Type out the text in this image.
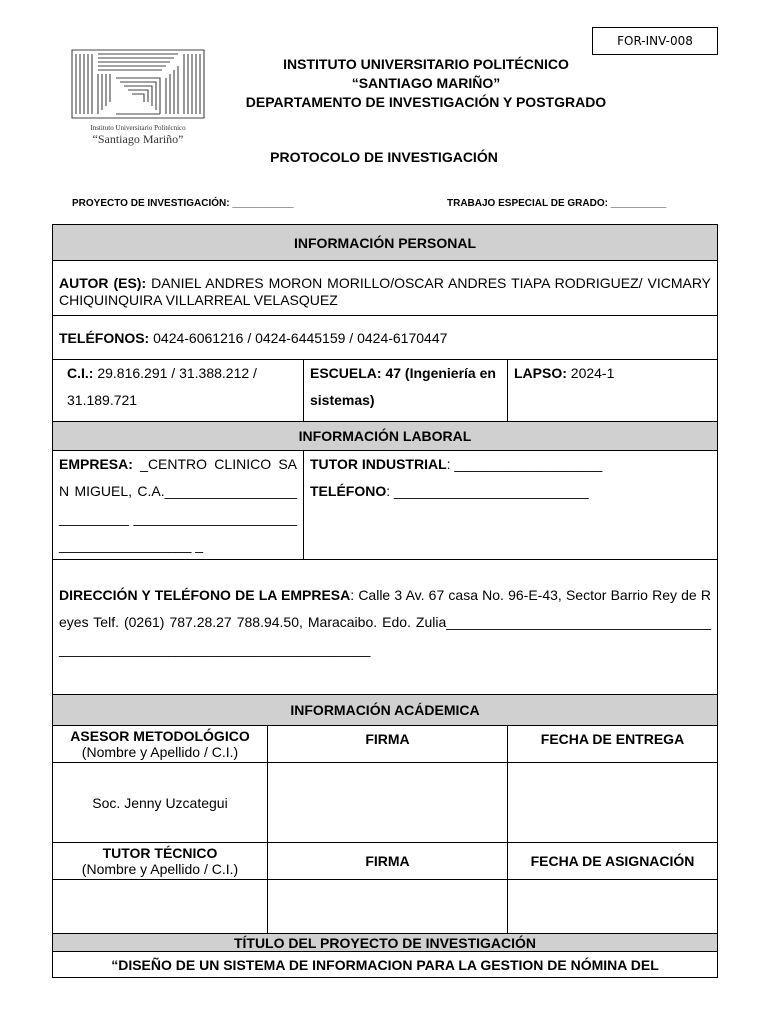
FOR-INV-008
Instituto Universitario Politécnico
“Santiago Mariño”
INSTITUTO UNIVERSITARIO POLITÉCNICO
“SANTIAGO MARIÑO”
DEPARTAMENTO DE INVESTIGACIÓN Y POSTGRADO
PROTOCOLO DE INVESTIGACIÓN
PROYECTO DE INVESTIGACIÓN: ___________	TRABAJO ESPECIAL DE GRADO: __________
INFORMACIÓN PERSONAL			
AUTOR (ES): DANIEL ANDRES MORON MORILLO/OSCAR ANDRES TIAPA RODRIGUEZ/ VICMARY CHIQUINQUIRA VILLARREAL VELASQUEZ			
TELÉFONOS: 0424-6061216 / 0424-6445159 / 0424-6170447			
C.I.: 29.816.291 / 31.388.212 / 31.189.721		ESCUELA: 47 (Ingeniería en sistemas)	LAPSO: 2024-1
INFORMACIÓN LABORAL			
EMPRESA: _CENTRO CLINICO SAN MIGUEL, C.A.__________________________ ______________________________________ _		TUTOR INDUSTRIAL: ___________________
TELÉFONO: _________________________	
DIRECCIÓN Y TELÉFONO DE LA EMPRESA: Calle 3 Av. 67 casa No. 96-E-43, Sector Barrio Rey de Reyes Telf. (0261) 787.28.27 788.94.50, Maracaibo. Edo. Zulia__________________________________________________________________________			
INFORMACIÓN ACÁDEMICA			
ASESOR METODOLÓGICO
(Nombre y Apellido / C.I.)	FIRMA		FECHA DE ENTREGA
Soc. Jenny Uzcategui			
TUTOR TÉCNICO
(Nombre y Apellido / C.I.)	FIRMA		FECHA DE ASIGNACIÓN

TÍTULO DEL PROYECTO DE INVESTIGACIÓN			
“DISEÑO DE UN SISTEMA DE INFORMACION PARA LA GESTION DE NÓMINA DEL			
